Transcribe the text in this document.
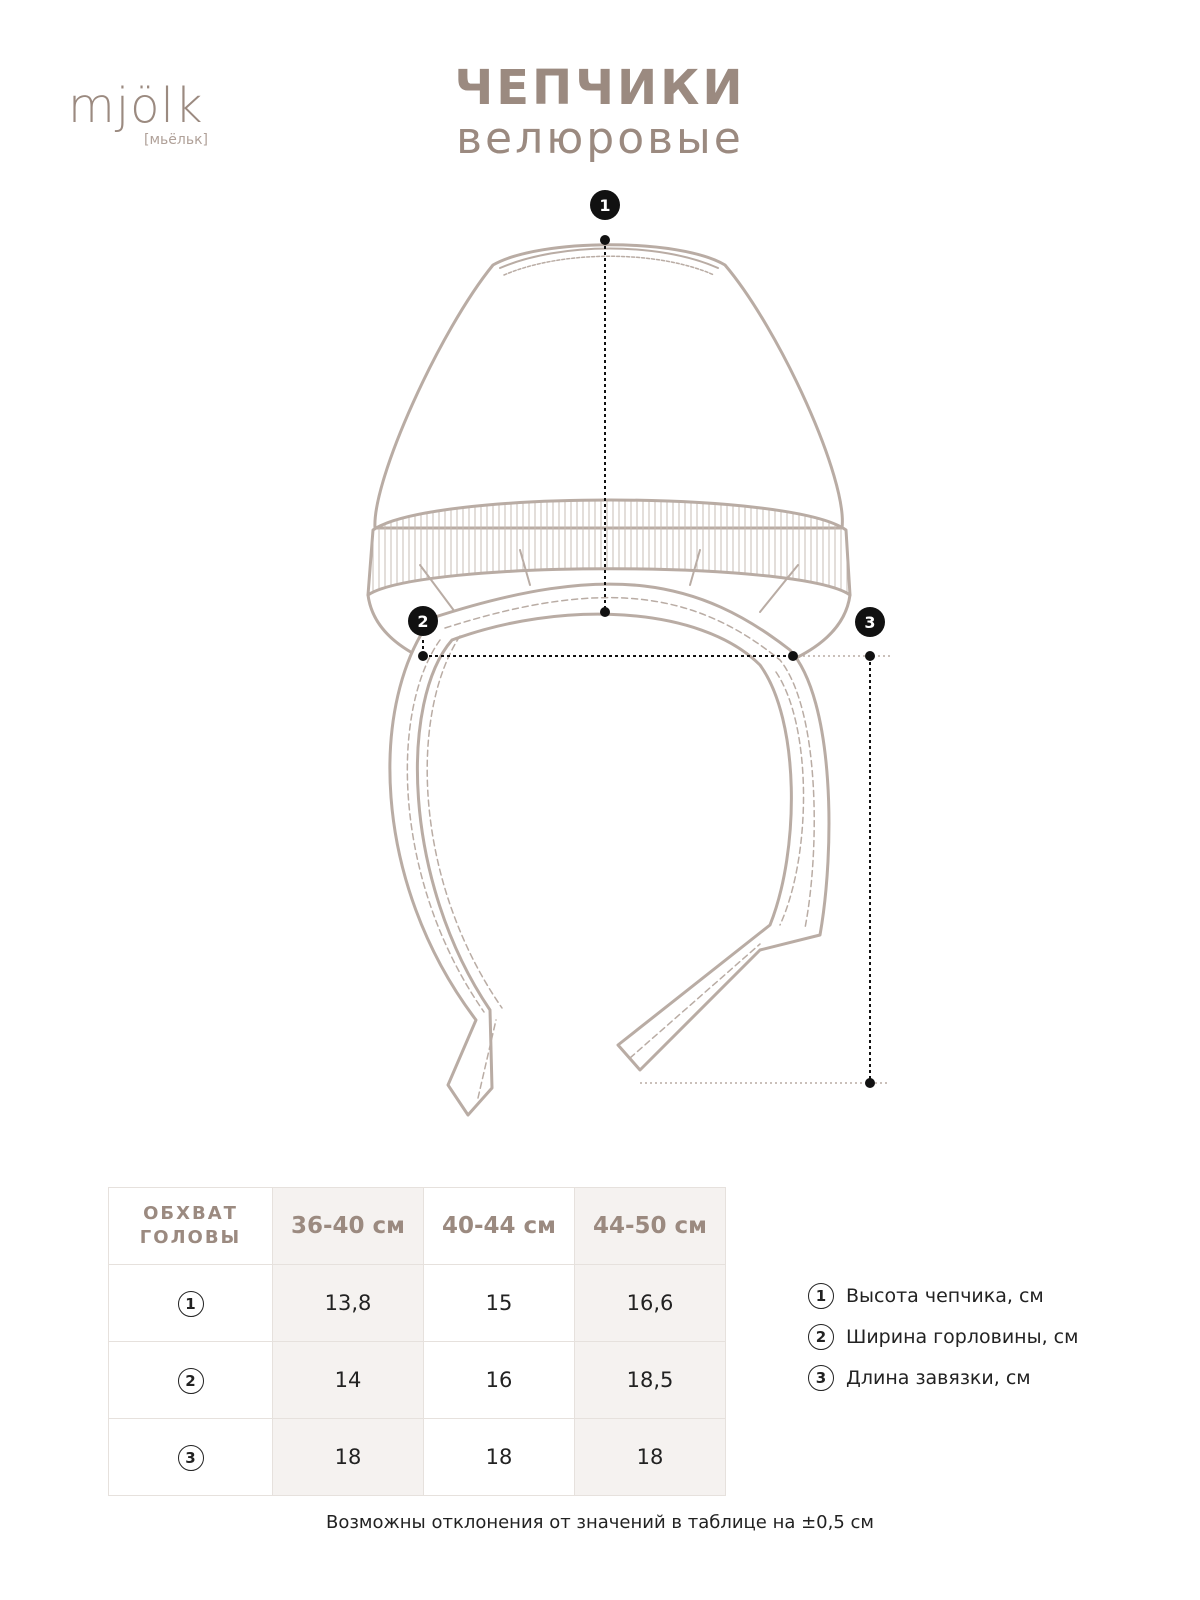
mjölk
[мьёльк]
ЧЕПЧИКИ
велюровые
1
2	3
ОБХВАТ
ГОЛОВЫ	36-40 см	40-44 см	44-50 см
1	13,8	15	16,6
2	14	16	18,5
3	18	18	18
1	Высота чепчика, см
2	Ширина горловины, см
3	Длина завязки, см
Возможны отклонения от значений в таблице на ±0,5 см
